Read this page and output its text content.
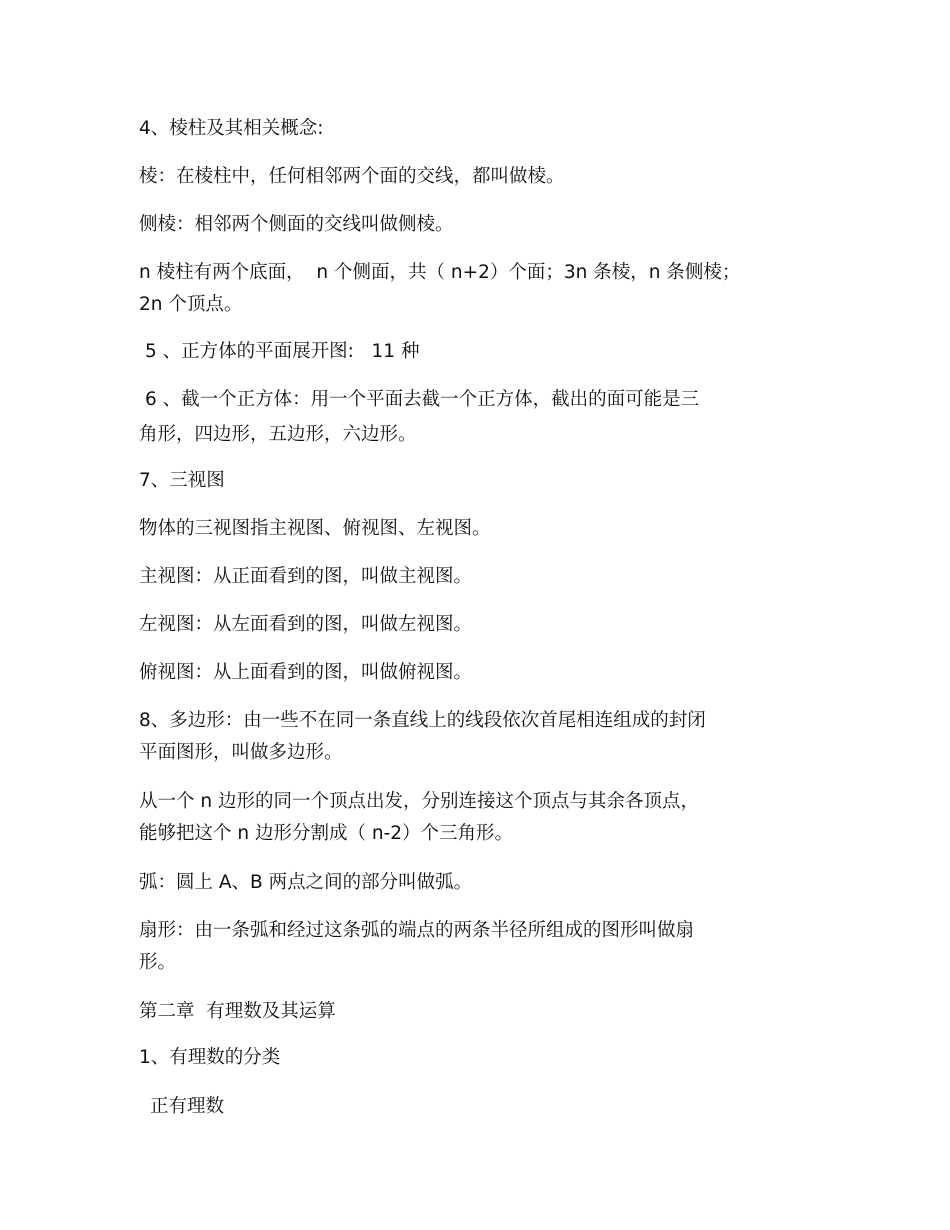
4、棱柱及其相关概念:
棱：在棱柱中，任何相邻两个面的交线，都叫做棱。
侧棱：相邻两个侧面的交线叫做侧棱。
n 棱柱有两个底面，  n 个侧面，共（ n+2）个面；3n 条棱，n 条侧棱；
2n 个顶点。
5 、正方体的平面展开图:   11 种
6 、截一个正方体：用一个平面去截一个正方体，截出的面可能是三
角形，四边形，五边形，六边形。
7、三视图
物体的三视图指主视图、俯视图、左视图。
主视图：从正面看到的图，叫做主视图。
左视图：从左面看到的图，叫做左视图。
俯视图：从上面看到的图，叫做俯视图。
8、多边形：由一些不在同一条直线上的线段依次首尾相连组成的封闭
平面图形，叫做多边形。
从一个 n 边形的同一个顶点出发，分别连接这个顶点与其余各顶点，
能够把这个 n 边形分割成（ n-2）个三角形。
弧：圆上 A、B 两点之间的部分叫做弧。
扇形：由一条弧和经过这条弧的端点的两条半径所组成的图形叫做扇
形。
第二章  有理数及其运算
1、有理数的分类
正有理数
